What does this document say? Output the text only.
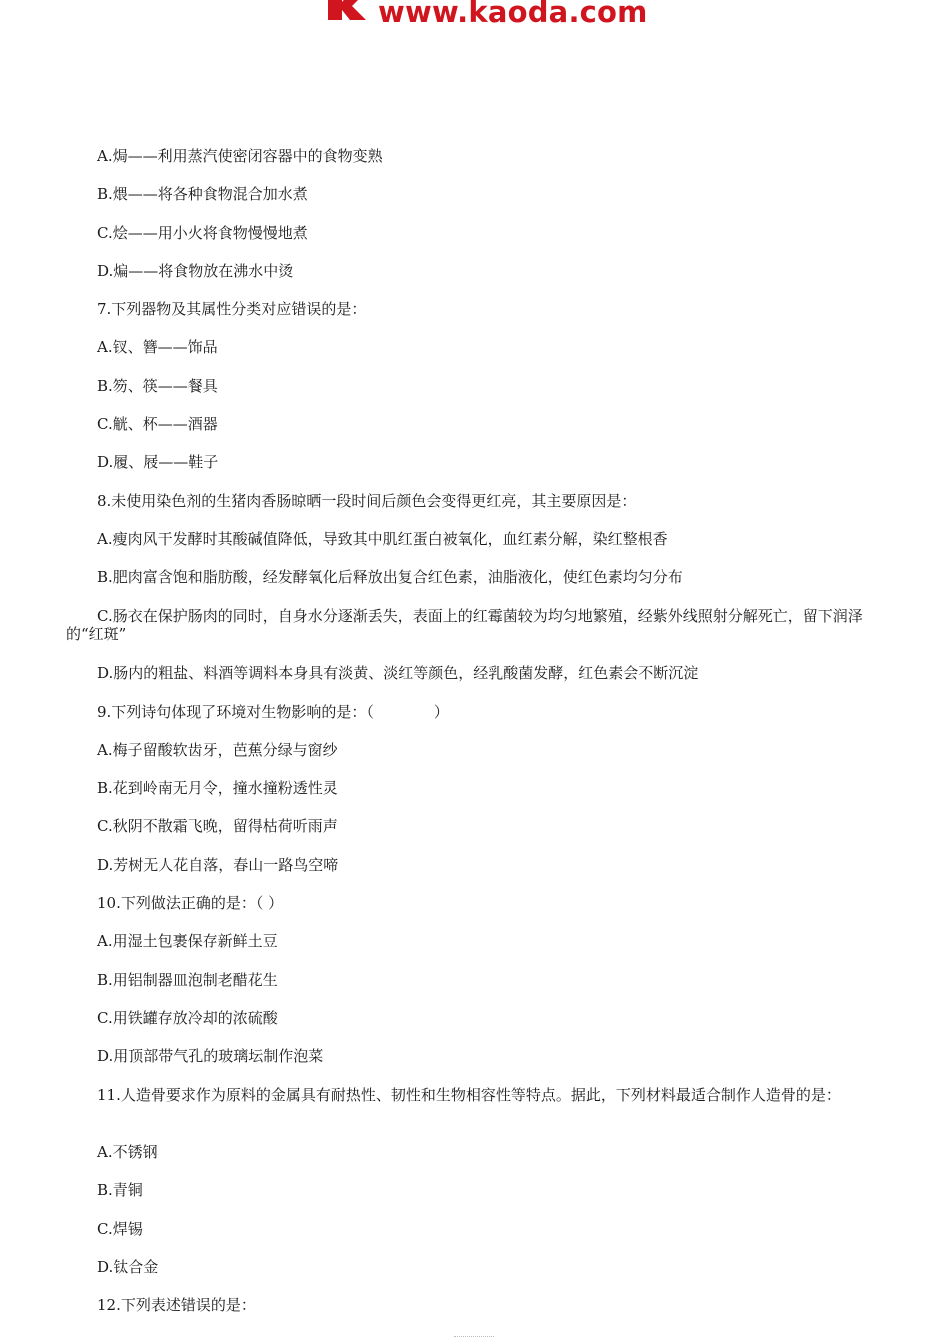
www.kaoda.com
A.焗——利用蒸汽使密闭容器中的食物变熟
B.煨——将各种食物混合加水煮
C.烩——用小火将食物慢慢地煮
D.煸——将食物放在沸水中烫
7.下列器物及其属性分类对应错误的是：
A.钗、簪——饰品
B.笏、筷——餐具
C.觥、杯——酒器
D.履、屐——鞋子
8.未使用染色剂的生猪肉香肠晾晒一段时间后颜色会变得更红亮，其主要原因是：
A.瘦肉风干发酵时其酸碱值降低，导致其中肌红蛋白被氧化，血红素分解，染红整根香
B.肥肉富含饱和脂肪酸，经发酵氧化后释放出复合红色素，油脂液化，使红色素均匀分布
C.肠衣在保护肠肉的同时，自身水分逐渐丢失，表面上的红霉菌较为均匀地繁殖，经紫外线照射分解死亡，留下润泽的“红斑”
D.肠内的粗盐、料酒等调料本身具有淡黄、淡红等颜色，经乳酸菌发酵，红色素会不断沉淀
9.下列诗句体现了环境对生物影响的是：（　　　　）
A.梅子留酸软齿牙，芭蕉分绿与窗纱
B.花到岭南无月令，撞水撞粉透性灵
C.秋阴不散霜飞晚，留得枯荷听雨声
D.芳树无人花自落，春山一路鸟空啼
10.下列做法正确的是：（ ）
A.用湿土包裹保存新鲜土豆
B.用铝制器皿泡制老醋花生
C.用铁罐存放冷却的浓硫酸
D.用顶部带气孔的玻璃坛制作泡菜
11.人造骨要求作为原料的金属具有耐热性、韧性和生物相容性等特点。据此，下列材料最适合制作人造骨的是：
A.不锈钢
B.青铜
C.焊锡
D.钛合金
12.下列表述错误的是：
